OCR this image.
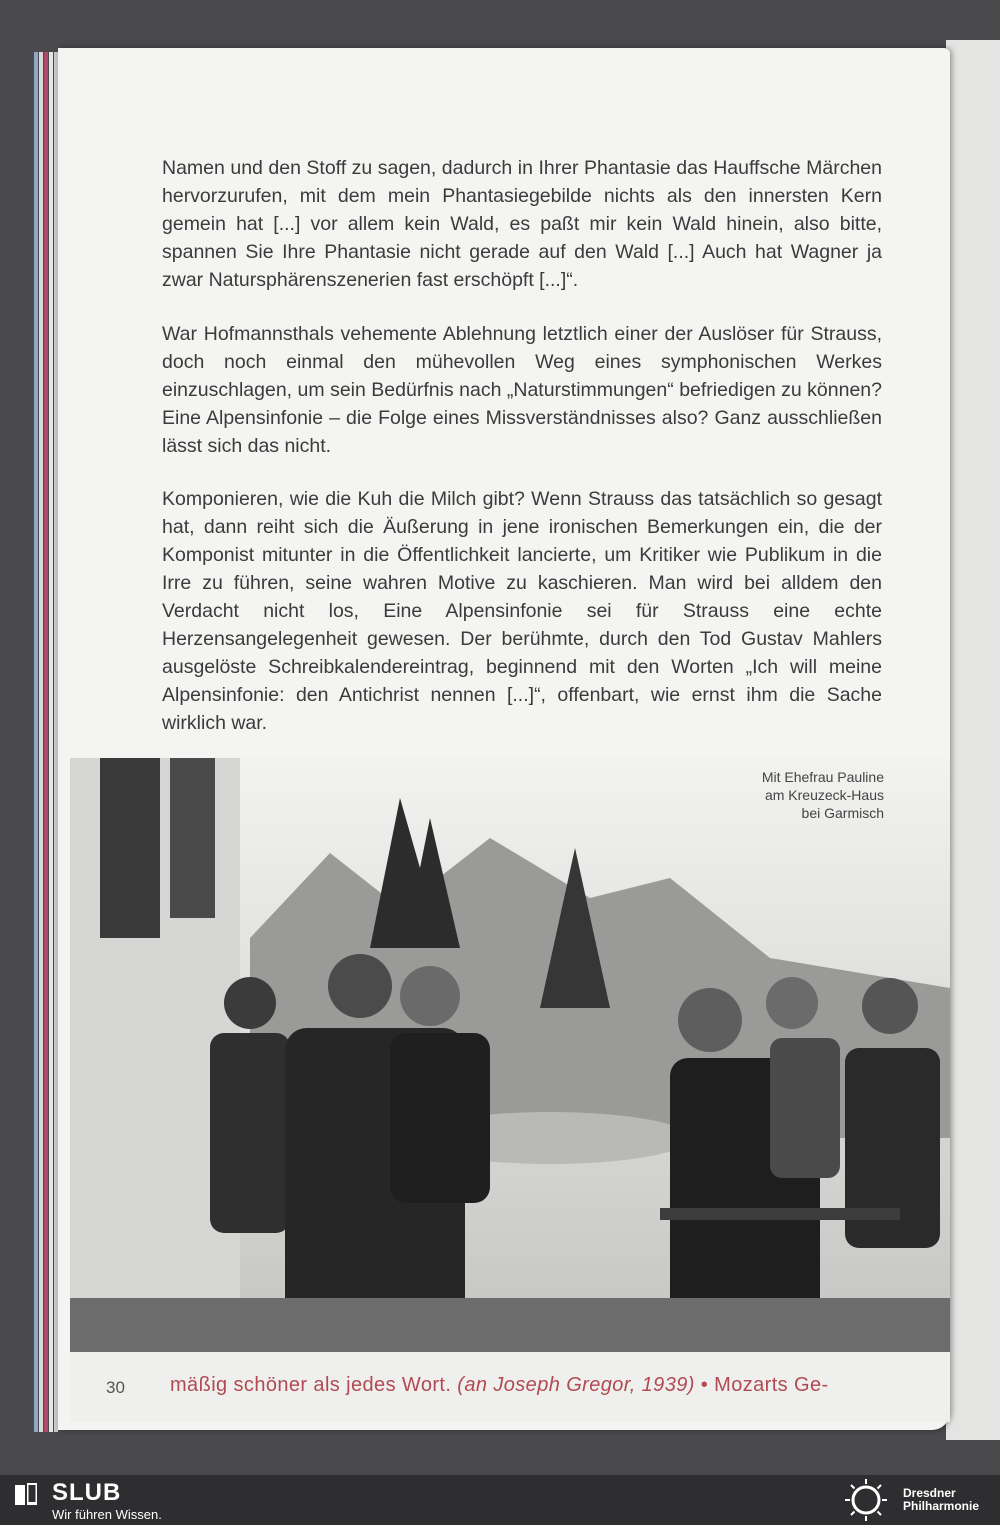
Namen und den Stoff zu sagen, dadurch in Ihrer Phantasie das Hauffsche Märchen hervorzurufen, mit dem mein Phantasiegebilde nichts als den innersten Kern gemein hat [...] vor allem kein Wald, es paßt mir kein Wald hinein, also bitte, spannen Sie Ihre Phantasie nicht gerade auf den Wald [...] Auch hat Wagner ja zwar Natursphärenszenerien fast erschöpft [...]“.

War Hofmannsthals vehemente Ablehnung letztlich einer der Auslöser für Strauss, doch noch einmal den mühevollen Weg eines symphonischen Werkes einzuschlagen, um sein Bedürfnis nach „Naturstimmungen“ befriedigen zu können? Eine Alpensinfonie – die Folge eines Missverständnisses also? Ganz ausschließen lässt sich das nicht.

Komponieren, wie die Kuh die Milch gibt? Wenn Strauss das tatsächlich so gesagt hat, dann reiht sich die Äußerung in jene ironischen Bemerkungen ein, die der Komponist mitunter in die Öffentlichkeit lancierte, um Kritiker wie Publikum in die Irre zu führen, seine wahren Motive zu kaschieren. Man wird bei alldem den Verdacht nicht los, Eine Alpensinfonie sei für Strauss eine echte Herzensangelegenheit gewesen. Der berühmte, durch den Tod Gustav Mahlers ausgelöste Schreibkalendereintrag, beginnend mit den Worten „Ich will meine Alpensinfonie: den Antichrist nennen [...]“, offenbart, wie ernst ihm die Sache wirklich war.

Mit Ehefrau Pauline
am Kreuzeck-Haus
bei Garmisch
30 mäßig schöner als jedes Wort. (an Joseph Gregor, 1939) • Mozarts Ge-
SLUB
Wir führen Wissen.
Dresdner
Philharmonie
